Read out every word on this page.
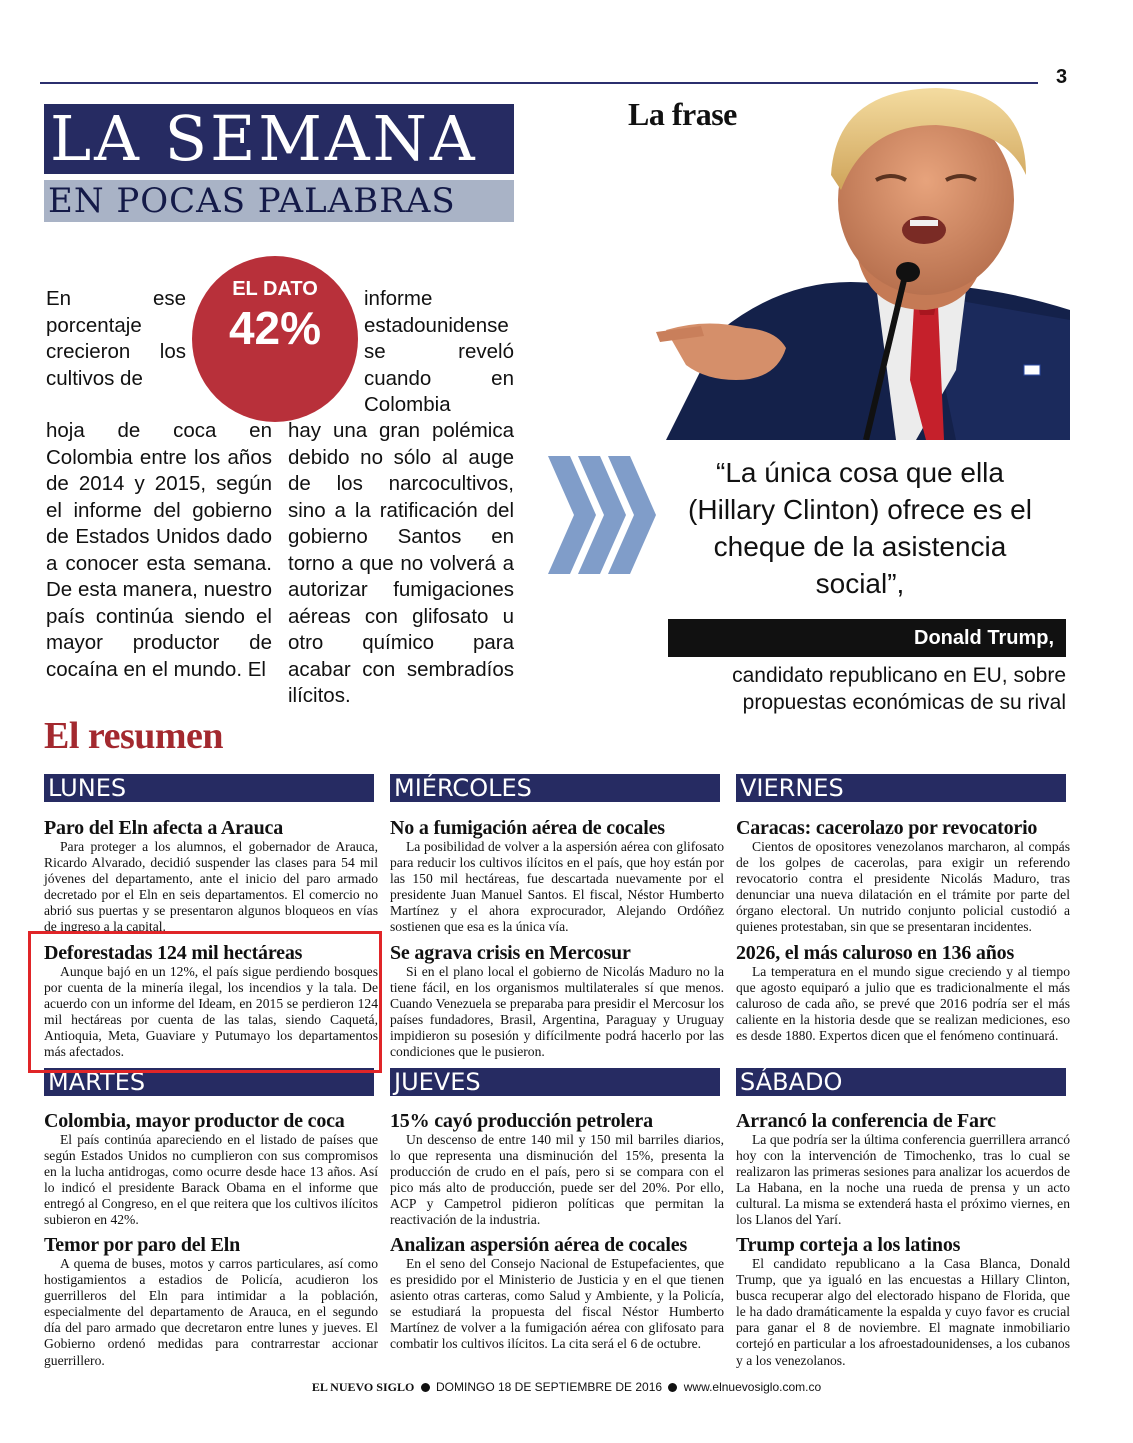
3
LA SEMANA
EN POCAS PALABRAS
En ese porcentaje crecieron los cultivos de
hoja de coca en Colombia entre los años de 2014 y 2015, según el informe del gobierno de Estados Unidos dado a conocer esta semana. De esta manera, nuestro país continúa siendo el mayor productor de cocaína en el mundo. El
informe estadounidense se reveló cuando en Colombia
hay una gran polémica debido no sólo al auge de los narcocultivos, sino a la ratificación del gobierno Santos en torno a que no volverá a autorizar fumigaciones aéreas con glifosato u otro químico para acabar con sembradíos ilícitos.
EL DATO
42%
La frase
“La única cosa que ella (Hillary Clinton) ofrece es el cheque de la asistencia social”,
Donald Trump,
candidato republicano en EU, sobre propuestas económicas de su rival
El resumen
LUNES	MIÉRCOLES	VIERNES
Paro del Eln afecta a Arauca

Para proteger a los alumnos, el gobernador de Arauca, Ricardo Alvarado, decidió suspender las clases para 54 mil jóvenes del departamento, ante el inicio del paro armado decretado por el Eln en seis departamentos. El comercio no abrió sus puertas y se presentaron algunos bloqueos en vías de ingreso a la capital.

Deforestadas 124 mil hectáreas

Aunque bajó en un 12%, el país sigue perdiendo bosques por cuenta de la minería ilegal, los incendios y la tala. De acuerdo con un informe del Ideam, en 2015 se perdieron 124 mil hectáreas por cuenta de las talas, siendo Caquetá, Antioquia, Meta, Guaviare y Putumayo los departamentos más afectados.

No a fumigación aérea de cocales

La posibilidad de volver a la aspersión aérea con glifosato para reducir los cultivos ilícitos en el país, que hoy están por las 150 mil hectáreas, fue descartada nuevamente por el presidente Juan Manuel Santos. El fiscal, Néstor Humberto Martínez y el ahora exprocurador, Alejando Ordóñez sostienen que esa es la única vía.

Se agrava crisis en Mercosur

Si en el plano local el gobierno de Nicolás Maduro no la tiene fácil, en los organismos multilaterales sí que menos. Cuando Venezuela se preparaba para presidir el Mercosur los países fundadores, Brasil, Argentina, Paraguay y Uruguay impidieron su posesión y difícilmente podrá hacerlo por las condiciones que le pusieron.

Caracas: cacerolazo por revocatorio

Cientos de opositores venezolanos marcharon, al compás de los golpes de cacerolas, para exigir un referendo revocatorio contra el presidente Nicolás Maduro, tras denunciar una nueva dilatación en el trámite por parte del órgano electoral. Un nutrido conjunto policial custodió a quienes protestaban, sin que se presentaran incidentes.

2026, el más caluroso en 136 años

La temperatura en el mundo sigue creciendo y al tiempo que agosto equiparó a julio que es tradicionalmente el más caluroso de cada año, se prevé que 2016 podría ser el más caliente en la historia desde que se realizan mediciones, eso es desde 1880. Expertos dicen que el fenómeno continuará.

MARTES	JUEVES	SÁBADO
Colombia, mayor productor de coca

El país continúa apareciendo en el listado de países que según Estados Unidos no cumplieron con sus compromisos en la lucha antidrogas, como ocurre desde hace 13 años. Así lo indicó el presidente Barack Obama en el informe que entregó al Congreso, en el que reitera que los cultivos ilícitos subieron en 42%.

Temor por paro del Eln

A quema de buses, motos y carros particulares, así como hostigamientos a estadios de Policía, acudieron los guerrilleros del Eln para intimidar a la población, especialmente del departamento de Arauca, en el segundo día del paro armado que decretaron entre lunes y jueves. El Gobierno ordenó medidas para contrarrestar accionar guerrillero.

15% cayó producción petrolera

Un descenso de entre 140 mil y 150 mil barriles diarios, lo que representa una disminución del 15%, presenta la producción de crudo en el país, pero si se compara con el pico más alto de producción, puede ser del 20%. Por ello, ACP y Campetrol pidieron políticas que permitan la reactivación de la industria.

Analizan aspersión aérea de cocales

En el seno del Consejo Nacional de Estupefacientes, que es presidido por el Ministerio de Justicia y en el que tienen asiento otras carteras, como Salud y Ambiente, y la Policía, se estudiará la propuesta del fiscal Néstor Humberto Martínez de volver a la fumigación aérea con glifosato para combatir los cultivos ilícitos. La cita será el 6 de octubre.

Arrancó la conferencia de Farc

La que podría ser la última conferencia guerrillera arrancó hoy con la intervención de Timochenko, tras lo cual se realizaron las primeras sesiones para analizar los acuerdos de La Habana, en la noche una rueda de prensa y un acto cultural. La misma se extenderá hasta el próximo viernes, en los Llanos del Yarí.

Trump corteja a los latinos

El candidato republicano a la Casa Blanca, Donald Trump, que ya igualó en las encuestas a Hillary Clinton, busca recuperar algo del electorado hispano de Florida, que le ha dado dramáticamente la espalda y cuyo favor es crucial para ganar el 8 de noviembre. El magnate inmobiliario cortejó en particular a los afroestadounidenses, a los cubanos y a los venezolanos.

EL NUEVO SIGLO DOMINGO 18 DE SEPTIEMBRE DE 2016 www.elnuevosiglo.com.co
